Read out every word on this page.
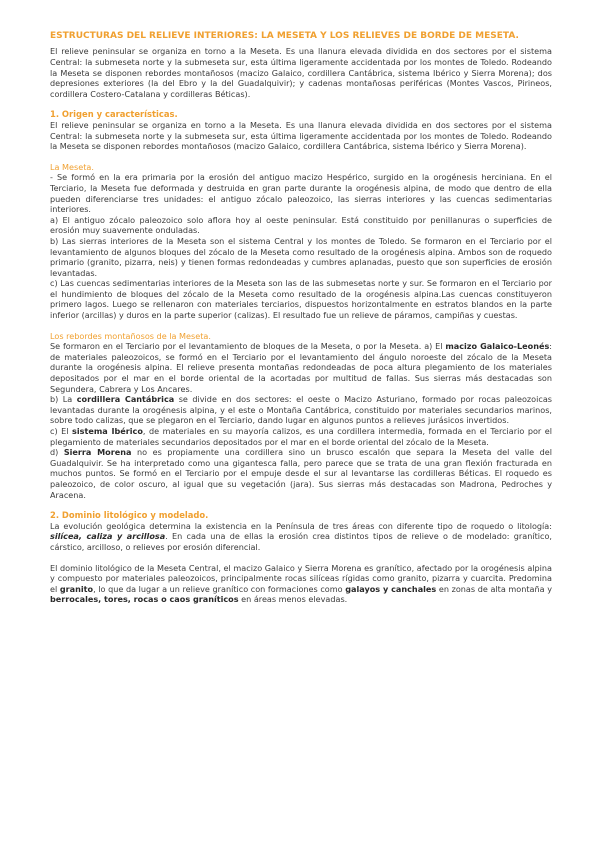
ESTRUCTURAS DEL RELIEVE INTERIORES: LA MESETA Y LOS RELIEVES DE BORDE DE MESETA.

El relieve peninsular se organiza en torno a la Meseta. Es una llanura elevada dividida en dos sectores por el sistema Central: la submeseta norte y la submeseta sur, esta última ligeramente accidentada por los montes de Toledo. Rodeando la Meseta se disponen rebordes montañosos (macizo Galaico, cordillera Cantábrica, sistema Ibérico y Sierra Morena); dos depresiones exteriores (la del Ebro y la del Guadalquivir); y cadenas montañosas periféricas (Montes Vascos, Pirineos, cordillera Costero-Catalana y cordilleras Béticas).

1. Origen y características.

El relieve peninsular se organiza en torno a la Meseta. Es una llanura elevada dividida en dos sectores por el sistema Central: la submeseta norte y la submeseta sur, esta última ligeramente accidentada por los montes de Toledo. Rodeando la Meseta se disponen rebordes montañosos (macizo Galaico, cordillera Cantábrica, sistema Ibérico y Sierra Morena).

La Meseta.

- Se formó en la era primaria por la erosión del antiguo macizo Hespérico, surgido en la orogénesis herciniana. En el Terciario, la Meseta fue deformada y destruida en gran parte durante la orogénesis alpina, de modo que dentro de ella pueden diferenciarse tres unidades: el antiguo zócalo paleozoico, las sierras interiores y las cuencas sedimentarias interiores.

a) El antiguo zócalo paleozoico solo aflora hoy al oeste peninsular. Está constituido por penillanuras o superficies de erosión muy suavemente onduladas.

b) Las sierras interiores de la Meseta son el sistema Central y los montes de Toledo. Se formaron en el Terciario por el levantamiento de algunos bloques del zócalo de la Meseta como resultado de la orogénesis alpina. Ambos son de roquedo primario (granito, pizarra, neis) y tienen formas redondeadas y cumbres aplanadas, puesto que son superficies de erosión levantadas.

c) Las cuencas sedimentarias interiores de la Meseta son las de las submesetas norte y sur. Se formaron en el Terciario por el hundimiento de bloques del zócalo de la Meseta como resultado de la orogénesis alpina.Las cuencas constituyeron primero lagos. Luego se rellenaron con materiales terciarios, dispuestos horizontalmente en estratos blandos en la parte inferior (arcillas) y duros en la parte superior (calizas). El resultado fue un relieve de páramos, campiñas y cuestas.

Los rebordes montañosos de la Meseta.

Se formaron en el Terciario por el levantamiento de bloques de la Meseta, o por la Meseta. a) El macizo Galaico-Leonés: de materiales paleozoicos, se formó en el Terciario por el levantamiento del ángulo noroeste del zócalo de la Meseta durante la orogénesis alpina. El relieve presenta montañas redondeadas de poca altura plegamiento de los materiales depositados por el mar en el borde oriental de la acortadas por multitud de fallas. Sus sierras más destacadas son Segundera, Cabrera y Los Ancares.

b) La cordillera Cantábrica se divide en dos sectores: el oeste o Macizo Asturiano, formado por rocas paleozoicas levantadas durante la orogénesis alpina, y el este o Montaña Cantábrica, constituido por materiales secundarios marinos, sobre todo calizas, que se plegaron en el Terciario, dando lugar en algunos puntos a relieves jurásicos invertidos.

c) El sistema Ibérico, de materiales en su mayoría calizos, es una cordillera intermedia, formada en el Terciario por el plegamiento de materiales secundarios depositados por el mar en el borde oriental del zócalo de la Meseta.

d) Sierra Morena no es propiamente una cordillera sino un brusco escalón que separa la Meseta del valle del Guadalquivir. Se ha interpretado como una gigantesca falla, pero parece que se trata de una gran flexión fracturada en muchos puntos. Se formó en el Terciario por el empuje desde el sur al levantarse las cordilleras Béticas. El roquedo es paleozoico, de color oscuro, al igual que su vegetación (jara). Sus sierras más destacadas son Madrona, Pedroches y Aracena.

2. Dominio litológico y modelado.

La evolución geológica determina la existencia en la Península de tres áreas con diferente tipo de roquedo o litología: silícea, caliza y arcillosa. En cada una de ellas la erosión crea distintos tipos de relieve o de modelado: granítico, cárstico, arcilloso, o relieves por erosión diferencial.

El dominio litológico de la Meseta Central, el macizo Galaico y Sierra Morena es granítico, afectado por la orogénesis alpina y compuesto por materiales paleozoicos, principalmente rocas silíceas rígidas como granito, pizarra y cuarcita. Predomina el granito, lo que da lugar a un relieve granítico con formaciones como galayos y canchales en zonas de alta montaña y berrocales, tores, rocas o caos graníticos en áreas menos elevadas.
